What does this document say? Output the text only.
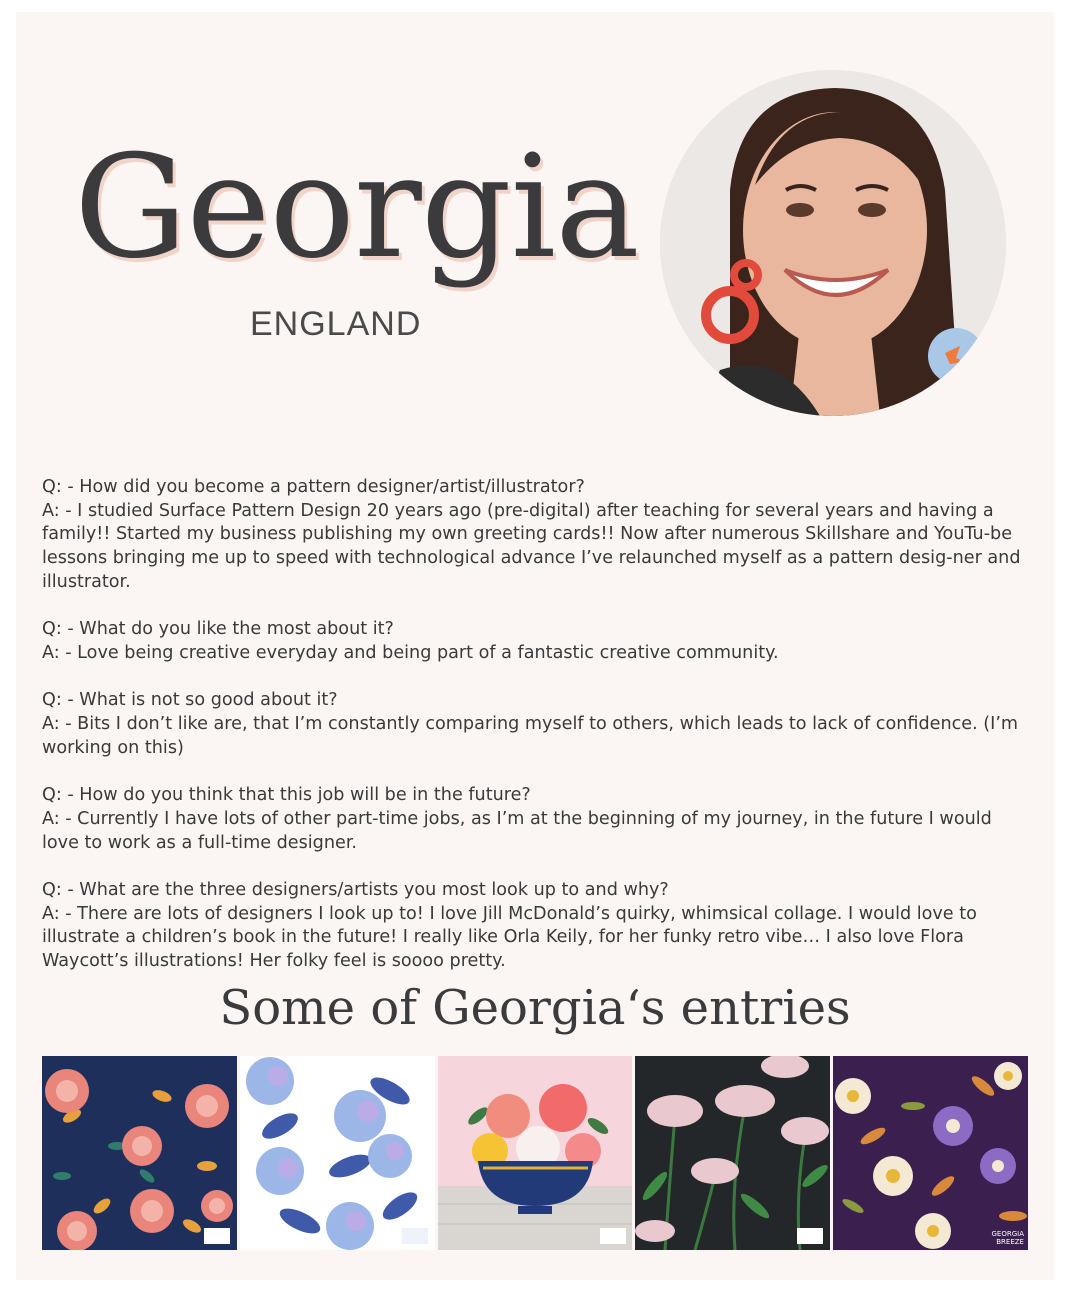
Georgia

ENGLAND

Q: - How did you become a pattern designer/artist/illustrator?
A: - I studied Surface Pattern Design 20 years ago (pre-digital) after teaching for several years and having a family!! Started my business publishing my own greeting cards!! Now after numerous Skillshare and YouTu-be lessons bringing me up to speed with technological advance I’ve relaunched myself as a pattern desig-ner and illustrator.

Q: - What do you like the most about it?
A: - Love being creative everyday and being part of a fantastic creative community.

Q: - What is not so good about it?
A: - Bits I don’t like are, that I’m constantly comparing myself to others, which leads to lack of confidence. (I’m working on this)

Q: - How do you think that this job will be in the future?
A: - Currently I have lots of other part-time jobs, as I’m at the beginning of my journey, in the future I would love to work as a full-time designer.

Q: - What are the three designers/artists you most look up to and why?
A: - There are lots of designers I look up to! I love Jill McDonald’s quirky, whimsical collage. I would love to illustrate a children’s book in the future! I really like Orla Keily, for her funky retro vibe… I also love Flora Waycott’s illustrations! Her folky feel is soooo pretty.

Some of Georgia‘s entries
GEORGIA BREEZE
